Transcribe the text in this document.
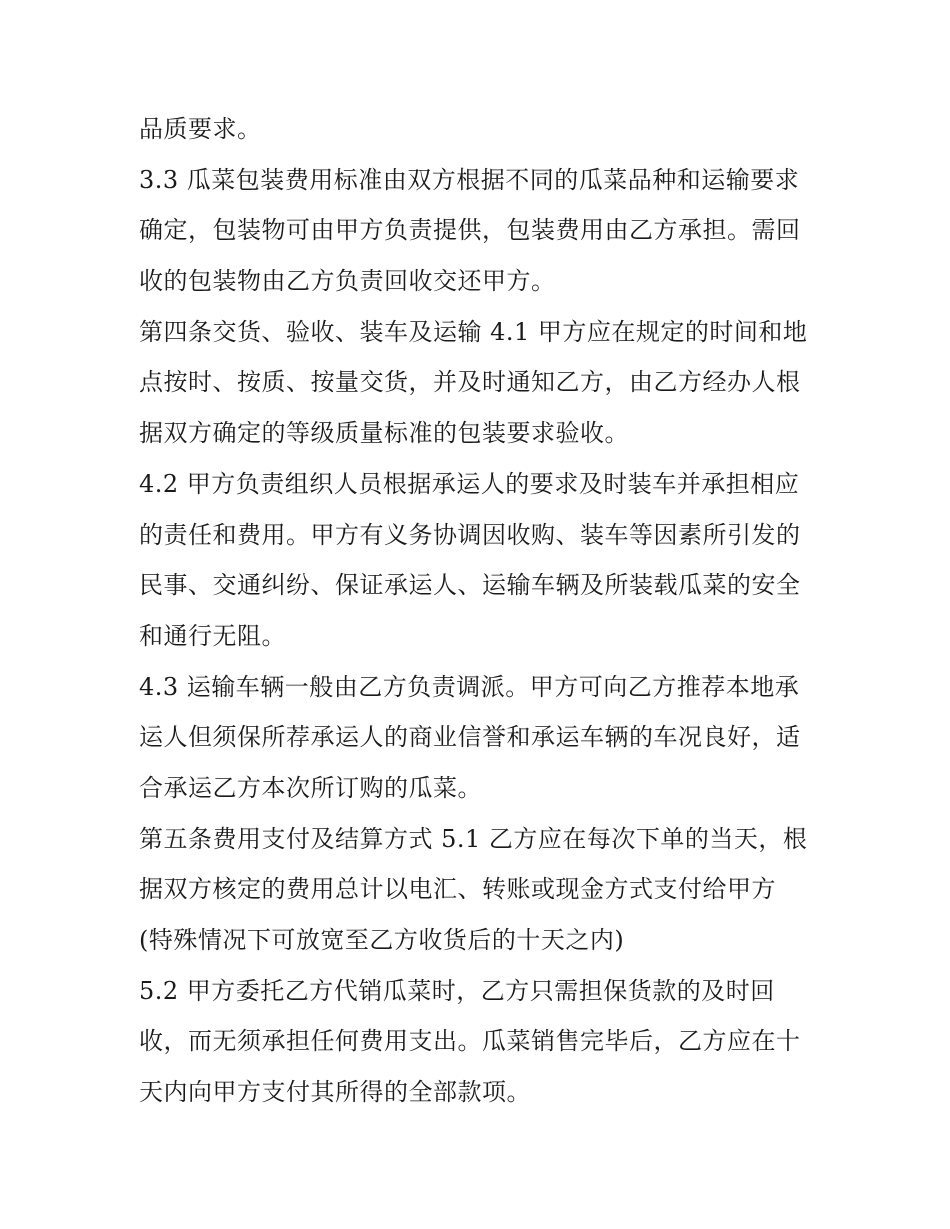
品质要求。
3.3 瓜菜包装费用标准由双方根据不同的瓜菜品种和运输要求
确定，包装物可由甲方负责提供，包装费用由乙方承担。需回
收的包装物由乙方负责回收交还甲方。
第四条交货、验收、装车及运输 4.1 甲方应在规定的时间和地
点按时、按质、按量交货，并及时通知乙方，由乙方经办人根
据双方确定的等级质量标准的包装要求验收。
4.2 甲方负责组织人员根据承运人的要求及时装车并承担相应
的责任和费用。甲方有义务协调因收购、装车等因素所引发的
民事、交通纠纷、保证承运人、运输车辆及所装载瓜菜的安全
和通行无阻。
4.3 运输车辆一般由乙方负责调派。甲方可向乙方推荐本地承
运人但须保所荐承运人的商业信誉和承运车辆的车况良好，适
合承运乙方本次所订购的瓜菜。
第五条费用支付及结算方式 5.1 乙方应在每次下单的当天，根
据双方核定的费用总计以电汇、转账或现金方式支付给甲方
(特殊情况下可放宽至乙方收货后的十天之内)
5.2 甲方委托乙方代销瓜菜时，乙方只需担保货款的及时回
收，而无须承担任何费用支出。瓜菜销售完毕后，乙方应在十
天内向甲方支付其所得的全部款项。
